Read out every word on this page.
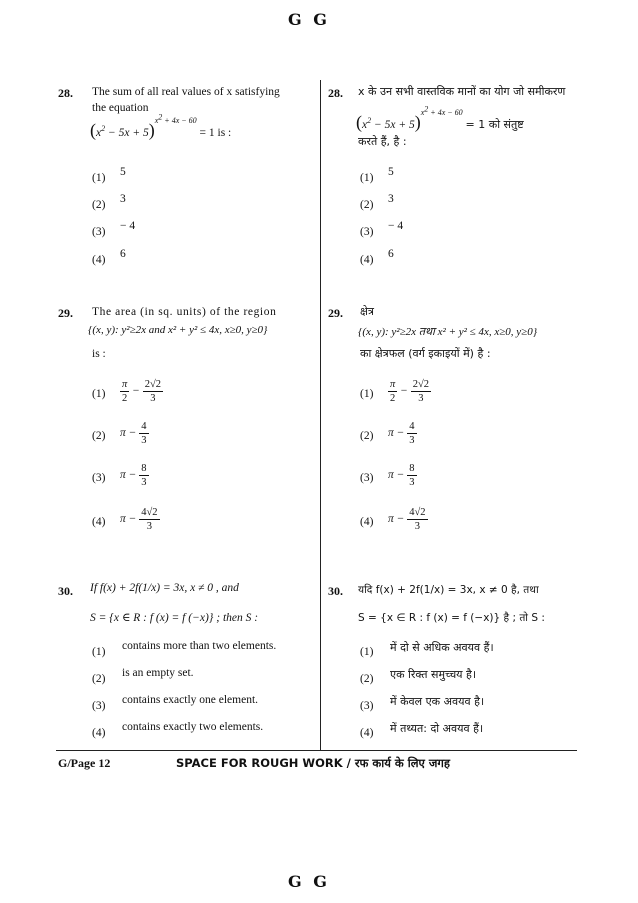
G G
28. The sum of all real values of x satisfying
the equation
$(x^2 - 5x + 5)^{x^2 + 4x - 60} = 1$ is :
(1) 5
(2) 3
(3) − 4
(4) 6
28. x के उन सभी वास्तविक मानों का योग जो समीकरण
$(x^2 - 5x + 5)^{x^2 + 4x - 60} = 1$ को संतुष्ट
करते हैं, है :
(1) 5
(2) 3
(3) − 4
(4) 6
29. The area (in sq. units) of the region
{(x, y): y²≥2x and x² + y² ≤ 4x, x≥0, y≥0}
is :
$(1) \frac{\pi}{2} - \frac{2√2}{3}$
(2) $\pi - \frac{4}{3}$
(3) $\pi - \frac{8}{3}$
(4) $\pi - \frac{4√2}{3}$
29. क्षेत्र
{(x, y): y²≥2x तथा x² + y² ≤ 4x, x≥0, y≥0}
का क्षेत्रफल (वर्ग इकाइयों में) है :
$(1) \frac{\pi}{2} - \frac{2√2}{3}$
(2) $\pi - \frac{4}{3}$
(3) $\pi - \frac{8}{3}$
(4) $\pi - \frac{4√2}{3}$
30. If f(x) + 2f(1/x) = 3x, x ≠ 0 , and
S = {x ∈ R : f (x) = f (−x)} ; then S :
(1) contains more than two elements.
(2) is an empty set.
(3) contains exactly one element.
(4) contains exactly two elements.
30. यदि f(x) + 2f(1/x) = 3x, x ≠ 0 है, तथा
S = {x ∈ R : f (x) = f (−x)} है ; तो S :
(1) में दो से अधिक अवयव हैं।
(2) एक रिक्त समुच्चय है।
(3) में केवल एक अवयव है।
(4) में तथ्यत: दो अवयव हैं।
G/Page 12	SPACE FOR ROUGH WORK / रफ कार्य के लिए जगह
G G
